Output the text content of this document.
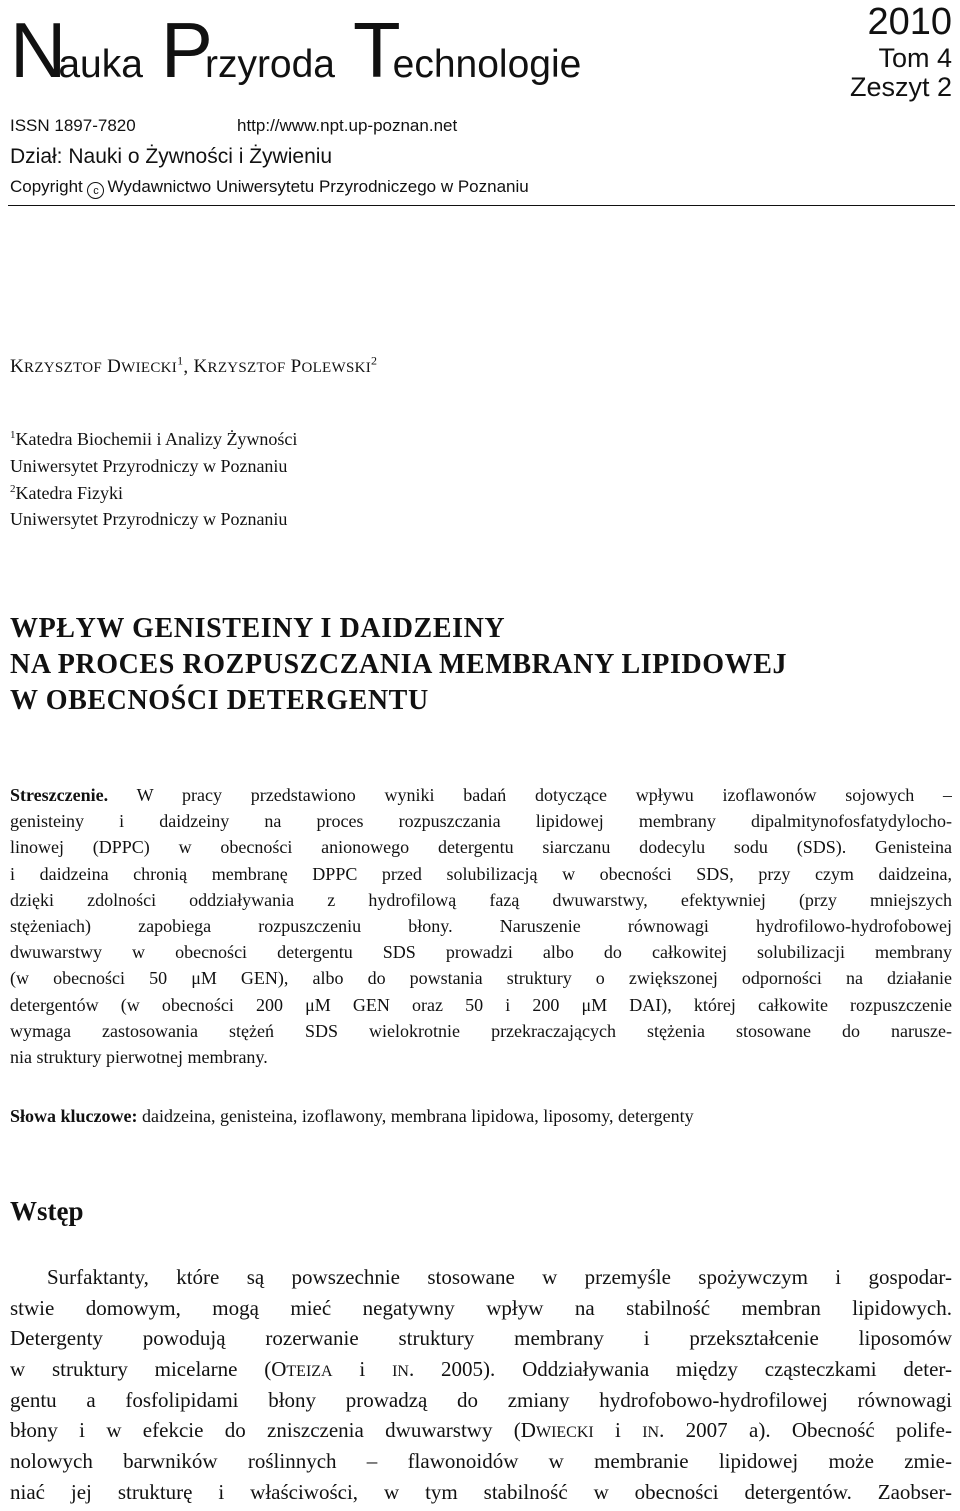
Nauka Przyroda Technologie
2010
Tom 4
Zeszyt 2
ISSN 1897-7820	http://www.npt.up-poznan.net
Dział: Nauki o Żywności i Żywieniu
Copyright c Wydawnictwo Uniwersytetu Przyrodniczego w Poznaniu
KRZYSZTOF DWIECKI$^1$, KRZYSZTOF POLEWSKI$^2$
$^1$Katedra Biochemii i Analizy Żywności
Uniwersytet Przyrodniczy w Poznaniu
$^2$Katedra Fizyki
Uniwersytet Przyrodniczy w Poznaniu
WPŁYW GENISTEINY I DAIDZEINY
NA PROCES ROZPUSZCZANIA MEMBRANY LIPIDOWEJ
W OBECNOŚCI DETERGENTU
Streszczenie. W pracy przedstawiono wyniki badań dotyczące wpływu izoflawonów sojowych –
genisteiny i daidzeiny na proces rozpuszczania lipidowej membrany dipalmitynofosfatydylocho-
linowej (DPPC) w obecności anionowego detergentu siarczanu dodecylu sodu (SDS). Genisteina
i daidzeina chronią membranę DPPC przed solubilizacją w obecności SDS, przy czym daidzeina,
dzięki zdolności oddziaływania z hydrofilową fazą dwuwarstwy, efektywniej (przy mniejszych
stężeniach) zapobiega rozpuszczeniu błony. Naruszenie równowagi hydrofilowo-hydrofobowej
dwuwarstwy w obecności detergentu SDS prowadzi albo do całkowitej solubilizacji membrany
(w obecności 50 μM GEN), albo do powstania struktury o zwiększonej odporności na działanie
detergentów (w obecności 200 μM GEN oraz 50 i 200 μM DAI), której całkowite rozpuszczenie
wymaga zastosowania stężeń SDS wielokrotnie przekraczających stężenia stosowane do narusze-
nia struktury pierwotnej membrany.
Słowa kluczowe: daidzeina, genisteina, izoflawony, membrana lipidowa, liposomy, detergenty
Wstęp
Surfaktanty, które są powszechnie stosowane w przemyśle spożywczym i gospodar-
stwie domowym, mogą mieć negatywny wpływ na stabilność membran lipidowych.
Detergenty powodują rozerwanie struktury membrany i przekształcenie liposomów
w struktury micelarne (OTEIZA i IN. 2005). Oddziaływania między cząsteczkami deter-
gentu a fosfolipidami błony prowadzą do zmiany hydrofobowo-hydrofilowej równowagi
błony i w efekcie do zniszczenia dwuwarstwy (DWIECKI i IN. 2007 a). Obecność polife-
nolowych barwników roślinnych – flawonoidów w membranie lipidowej może zmie-
niać jej strukturę i właściwości, w tym stabilność w obecności detergentów. Zaobser-
